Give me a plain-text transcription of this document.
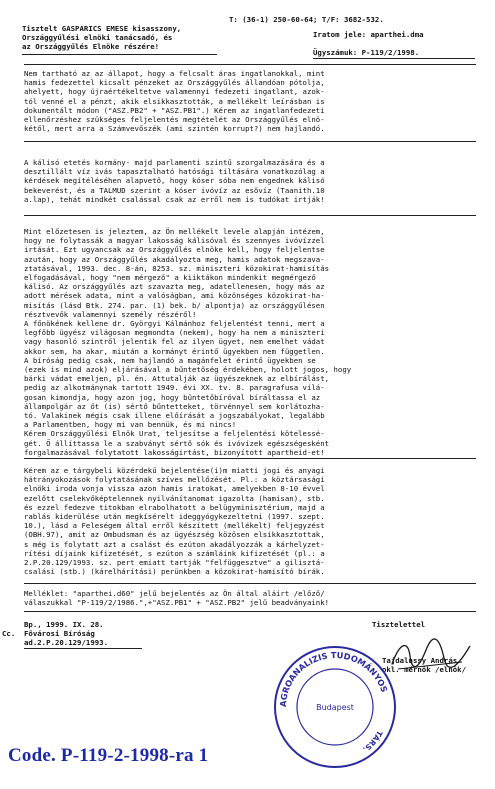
T: (36-1) 250-60-64; T/F: 3682-532.
Tisztelt GASPARICS EMESE kisasszony,
Országgyűlési elnöki tanácsadó, és
az Országgyűlés Elnöke részére!
Iratom jele: aparthei.dma
Ügyszámuk: P-119/2/1998.
Nem tartható az az állapot, hogy a felcsalt áras ingatlanokkal, mint
hamis fedezettel kicsalt pénzeket az Országgyűlés állandóan pótolja,
ahelyett, hogy újraértékeltetve valamennyi fedezeti ingatlant, azok-
tól venné el a pénzt, akik elsikkasztották, a mellékelt leírásban is
dokumentált módon ("ASZ.PB2" + "ASZ.PB1".) Kérem az ingatlanfedezeti
ellenőrzéshez szükséges feljelentés megtételét az Országgyűlés elnö-
kétől, mert arra a Számvevőszék (ami szintén korrupt?) nem hajlandó.
A kálisó etetés kormány- majd parlamenti szintű szorgalmazására és a
desztillált víz ivás tapasztalható hatósági tiltására vonatkozólag a
kérdések megítéléséhen alapvető, hogy kóser sóba nem engednek kálisó
bekeverést, és a TALMUD szerint a kóser ivóvíz az esővíz (Taanith.10
a.lap), tehát mindkét csalással csak az erről nem is tudókat irtják!
Mint előzetesen is jeleztem, az Ön mellékelt levele alapján intézem,
hogy ne folytassák a magyar lakosság kálisóval és szennyes ivóvízzel
irtását. Ezt ugyancsak az Országgyűlés elnöke kell, hogy feljelentse
azután, hogy az Országgyűlés akadályozta meg, hamis adatok megszava-
ztatásával, 1993. dec. 8-án, 8253. sz. miniszteri közokirat-hamisítás
elfogadásával, hogy "nem mérgező" a kiiktákon mindenkit megmérgező
kálisó. Az országgyűlés azt szavazta meg, adatellenesen, hogy más az
adott mérések adata, mint a valóságban, ami közönséges közokirat-ha-
misítás (lásd Btk. 274. par. (1) bek. b/ alpontja) az országgyűlésen
résztvevők valamennyi személy részéről!
A főnökének kellene dr. Györgyi Kálmánhoz feljelentést tenni, mert a
legfőbb ügyész világosan megmondta (nekem), hogy ha nem a miniszteri
vagy hasonló szintről jelentik fel az ilyen ügyet, nem emelhet vádat
akkor sem, ha akar, miután a kormányt érintő ügyekben nem független.
A bíróság pedig csak, nem hajlandó a magánfelet érintő ügyekben se
(ezek is mind azok) eljárásával a bűntetőség érdekében, holott jogos, hogy
bárki vádat emeljen, pl. én. Attutalják az ügyészeknek az elbírálást,
pedig az alkotmánynak tartott 1949. évi XX. tv. 8. paragrafusa vilá-
gosan kimondja, hogy azon jog, hogy bűntetőbíróval bíráltassa el az
állampolgár az őt (is) sértő bűntetteket, törvénnyel sem korlátozha-
tó. Valakinek mégis csak illene előírását a jogszabályokat, legalább
a Parlamentben, hogy mi van bennük, és mi nincs!
Kérem Országgyűlési Elnök Urat, teljesítse a feljelentési kötelessé-
gét. Ő állíttassa le a szabványt sértő sók és ivóvízek egészségesként
forgalmazásával folytatott lakosságirtást, bizonyított apartheid-et!
Kérem az e tárgybeli közérdekű bejelentése(i)m miatti jogi és anyagi
hátrányokozások folytatásának szíves mellőzését. Pl.: a köztársasági
elnöki iroda vonja vissza azon hamis iratokat, amelyekben 8-10 évvel
ezelőtt cselekvőképtelennek nyilvánítanomat igazolta (hamisan), stb.
és ezzel fedezve titokban elrabolhatott a belügyminisztérium, majd a
rablás kiderülése után megkísérelt ideggyógykezeltetni (1997. szept.
10.), lásd a Feleségem által erről készített (mellékelt) feljegyzést
(OBH.97), amit az Ombudsman és az ügyészség közösen elsikkasztottak,
s még is folytatt azt a csalást és ezúton akadályozzák a kárhelyzet-
rítési díjaink kifizetését, s ezúton a számláink kifizetését (pl.: a
2.P.20.129/1993. sz. pert emiatt tartják "felfüggesztve" a gilisztá-
csalási (stb.) (kárelhárítási) perünkben a közokirat-hamisító bírák.
Melléklet: "aparthei.d60" jelű bejelentés az Ön által aláírt /előző/
válaszukkal "P-119/2/1986.",+"ASZ.PB1" + "ASZ.PB2" jelű beadványaink!
Bp., 1999. IX. 28.
Cc. Fővárosi Bíróság
ad.2.P.20.129/1993.
Tisztelettel
Tajdalussy András
okl. mérnök /elnök/
AGROANALIZIS TUDOMÁNYOS
TÁRS.
Budapest
Code. P-119-2-1998-ra 1
